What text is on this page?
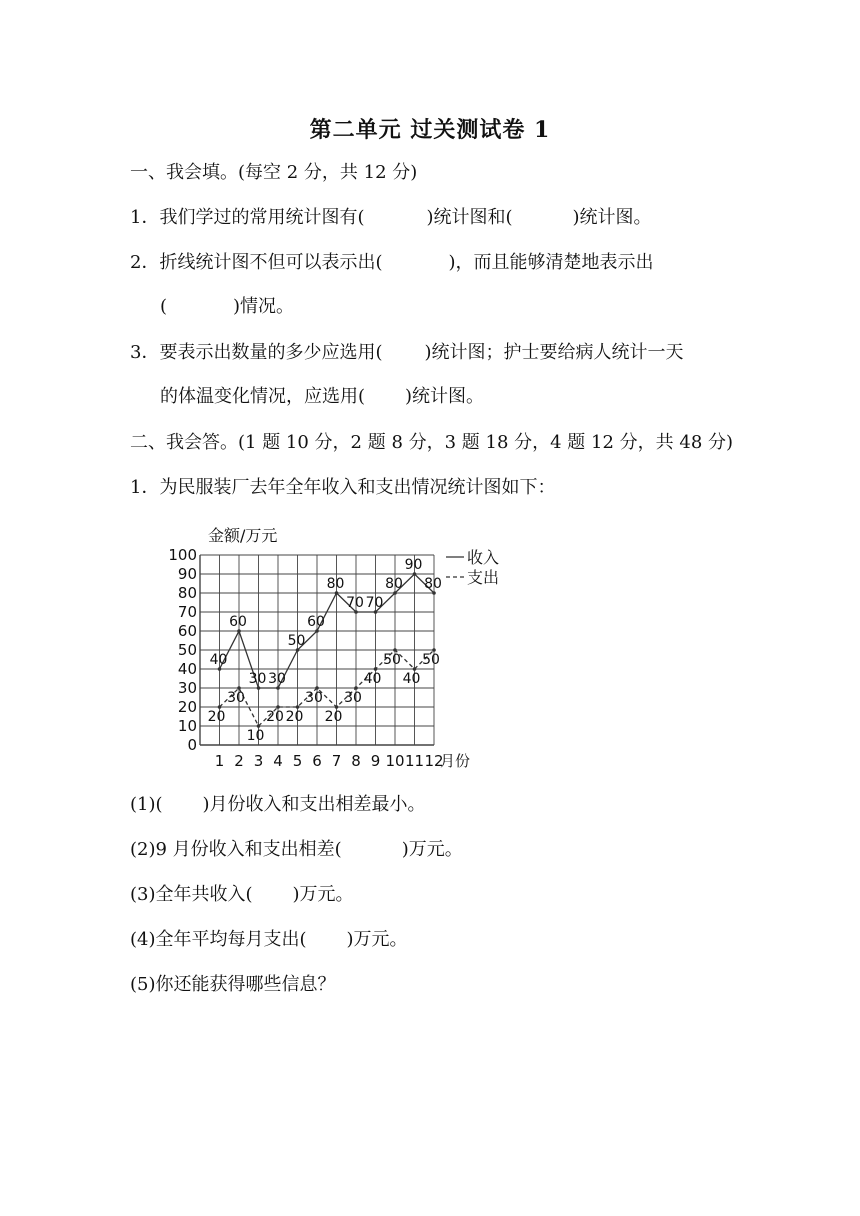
第二单元 过关测试卷 1
一、我会填。(每空 2 分，共 12 分)
1．我们学过的常用统计图有(	)统计图和(	)统计图。
2．折线统计图不但可以表示出(	)，而且能够清楚地表示出
(	)情况。
3．要表示出数量的多少应选用( )统计图；护士要给病人统计一天
的体温变化情况，应选用( )统计图。
二、我会答。(1 题 10 分，2 题 8 分，3 题 18 分，4 题 12 分，共 48 分)
1．为民服装厂去年全年收入和支出情况统计图如下：
0
10
20
30
40
50
60
70
80
90
100
1 2 3 4 5 6 7 8 9 10 11 12
金额/万元
月份
40
60
30 30
50
60
80
70 70
80
90
80
20
30
10
20 20
30
20
30
40
50
40
50
收入
支出
(1)( )月份收入和支出相差最小。
(2)9 月份收入和支出相差(	)万元。
(3)全年共收入( )万元。
(4)全年平均每月支出( )万元。
(5)你还能获得哪些信息？
